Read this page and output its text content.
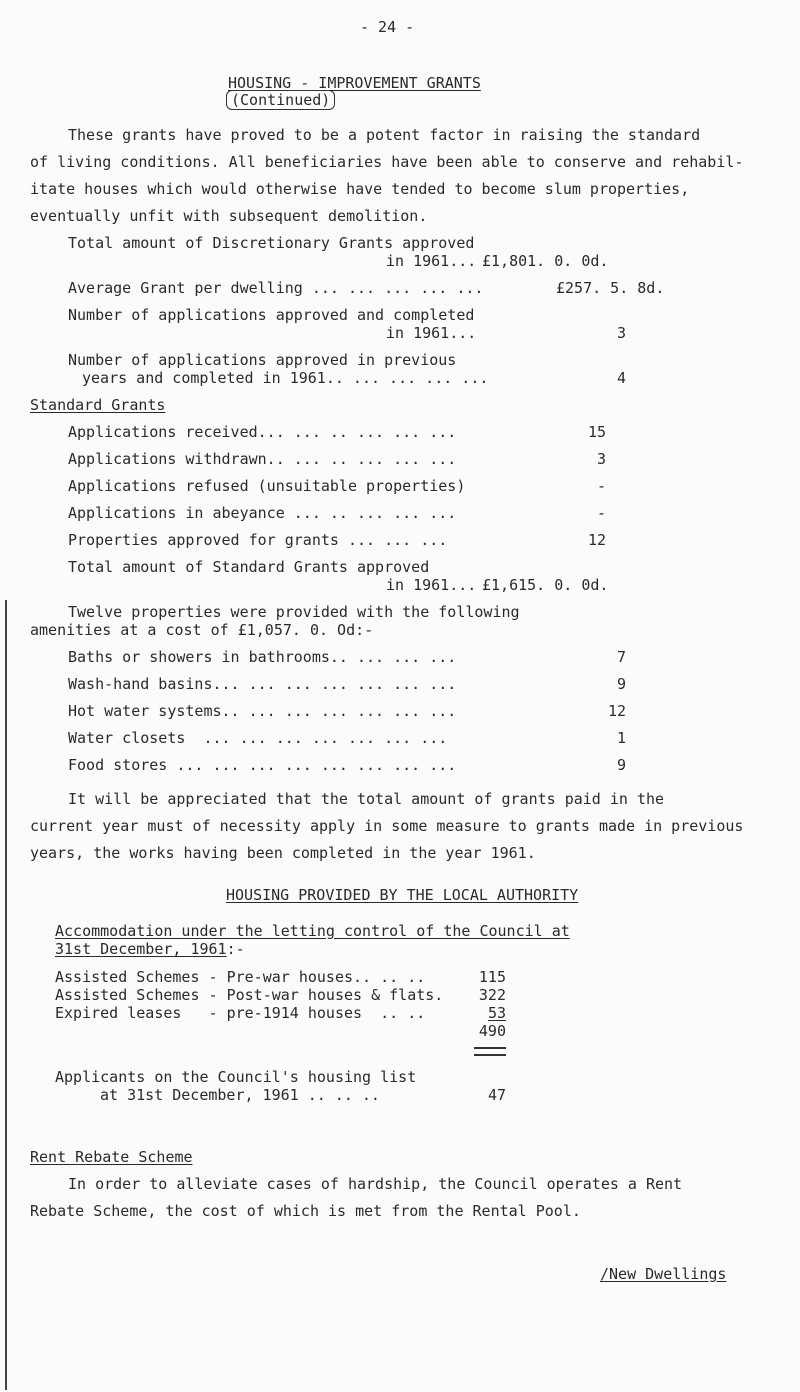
- 24 -
HOUSING - IMPROVEMENT GRANTS
(Continued)
These grants have proved to be a potent factor in raising the standard
of living conditions. All beneficiaries have been able to conserve and rehabil-
itate houses which would otherwise have tended to become slum properties,
eventually unfit with subsequent demolition.
Total amount of Discretionary Grants approved
in 1961... £1,801. 0. 0d.
Average Grant per dwelling ... ... ... ... ...	£257. 5. 8d.
Number of applications approved and completed
in 1961...	3
Number of applications approved in previous
years and completed in 1961.. ... ... ... ...	4
Standard Grants
Applications received... ... .. ... ... ...	15
Applications withdrawn.. ... .. ... ... ...	3
Applications refused (unsuitable properties)	-
Applications in abeyance ... .. ... ... ...	-
Properties approved for grants ... ... ...	12
Total amount of Standard Grants approved
in 1961... £1,615. 0. 0d.
Twelve properties were provided with the following
amenities at a cost of £1,057. 0. Od:-
Baths or showers in bathrooms.. ... ... ...	7
Wash-hand basins... ... ... ... ... ... ...	9
Hot water systems.. ... ... ... ... ... ...	12
Water closets  ... ... ... ... ... ... ...	1
Food stores ... ... ... ... ... ... ... ...	9
It will be appreciated that the total amount of grants paid in the
current year must of necessity apply in some measure to grants made in previous
years, the works having been completed in the year 1961.
HOUSING PROVIDED BY THE LOCAL AUTHORITY
Accommodation under the letting control of the Council at
31st December, 1961:-
Assisted Schemes - Pre-war houses.. .. ..	115
Assisted Schemes - Post-war houses & flats.	322
Expired leases   - pre-1914 houses  .. ..	53
490
Applicants on the Council's housing list
at 31st December, 1961 .. .. ..	47
Rent Rebate Scheme
In order to alleviate cases of hardship, the Council operates a Rent
Rebate Scheme, the cost of which is met from the Rental Pool.
/New Dwellings
